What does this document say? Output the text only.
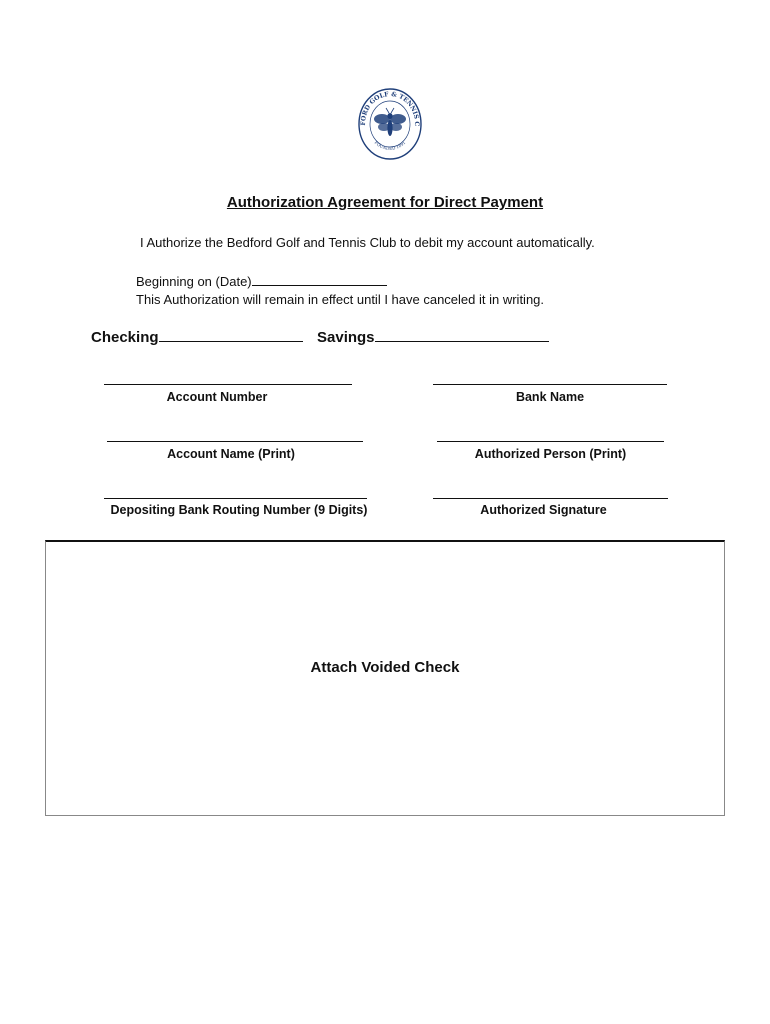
FORD GOLF & TENNIS C
FOUNDED 1891
Authorization Agreement for Direct Payment
I Authorize the Bedford Golf and Tennis Club to debit my account automatically.
Beginning on (Date)
This Authorization will remain in effect until I have canceled it in writing.
Checking	Savings
Account Number	Bank Name
Account Name (Print)	Authorized Person (Print)
Depositing Bank Routing Number (9 Digits)	Authorized Signature
Attach Voided Check
